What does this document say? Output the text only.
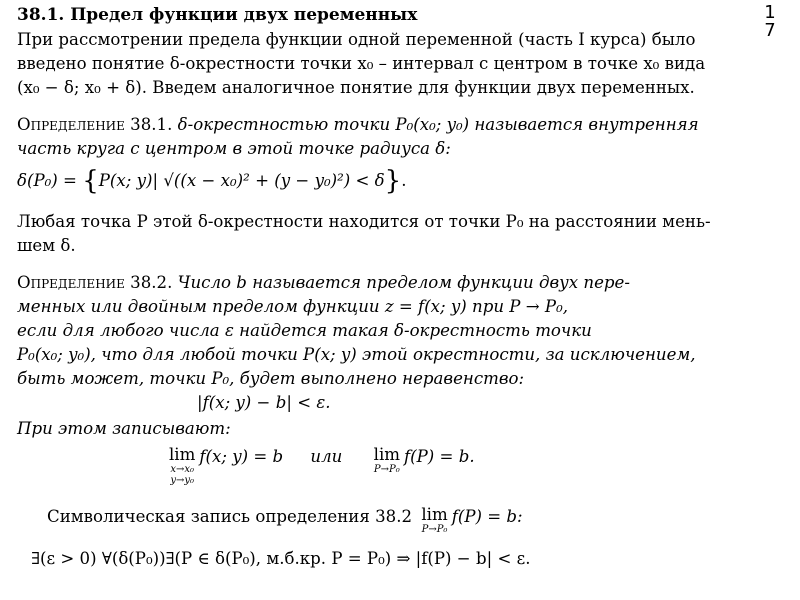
17
38.1. Предел функции двух переменных
При рассмотрении предела функции одной переменной (часть I курса) было
введено понятие δ-окрестности точки x₀ – интервал с центром в точке x₀ вида
(x₀ − δ; x₀ + δ). Введем аналогичное понятие для функции двух переменных.
Определение 38.1. δ-окрестностью точки P₀(x₀; y₀) называется внутренняя
часть круга с центром в этой точке радиуса δ:
δ(P₀) = {P(x; y)| √((x − x₀)² + (y − y₀)²) < δ}.
Любая точка P этой δ-окрестности находится от точки P₀ на расстоянии мень-
шем δ.
Определение 38.2. Число b называется пределом функции двух пере-
менных или двойным пределом функции z = f(x; y) при P → P₀,
если для любого числа ε найдется такая δ-окрестность точки
P₀(x₀; y₀), что для любой точки P(x; y) этой окрестности, за исключением,
быть может, точки P₀, будет выполнено неравенство:
|f(x; y) − b| < ε.
При этом записывают:
lim
x→x₀
y→y₀
f(x; y) = b или lim
P→P₀
f(P) = b.
Символическая запись определения 38.2 lim
P→P₀
f(P) = b:
∃(ε > 0) ∀(δ(P₀))∃(P ∈ δ(P₀), м.б.кр. P = P₀) ⇒ |f(P) − b| < ε.
